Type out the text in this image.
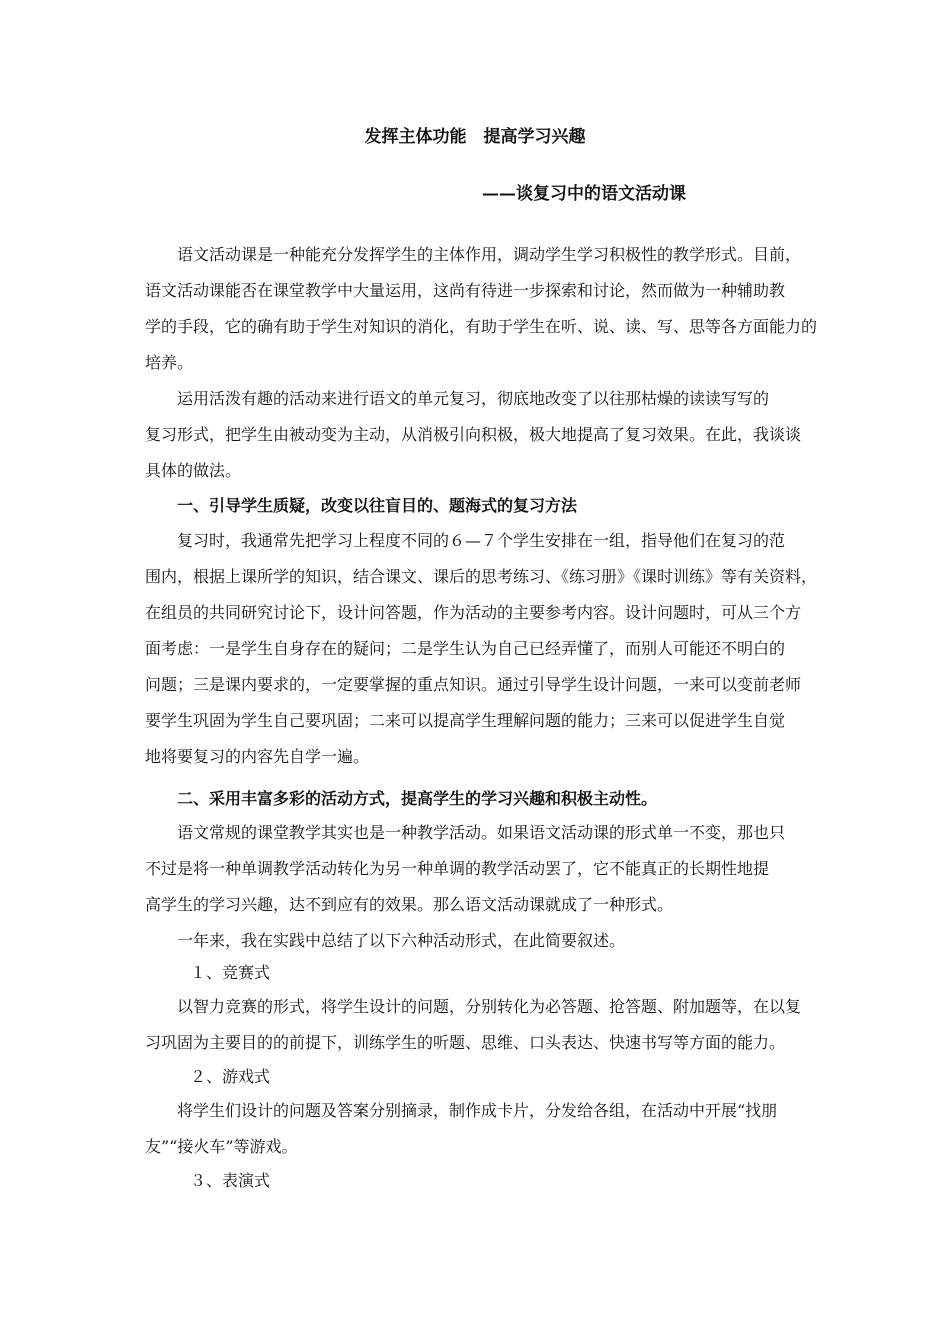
发挥主体功能　提高学习兴趣
——谈复习中的语文活动课
语文活动课是一种能充分发挥学生的主体作用，调动学生学习积极性的教学形式。目前，
语文活动课能否在课堂教学中大量运用，这尚有待进一步探索和讨论，然而做为一种辅助教
学的手段，它的确有助于学生对知识的消化，有助于学生在听、说、读、写、思等各方面能力的
培养。
运用活泼有趣的活动来进行语文的单元复习，彻底地改变了以往那枯燥的读读写写的
复习形式，把学生由被动变为主动，从消极引向积极，极大地提高了复习效果。在此，我谈谈
具体的做法。
一、引导学生质疑，改变以往盲目的、题海式的复习方法
复习时，我通常先把学习上程度不同的６—７个学生安排在一组，指导他们在复习的范
围内，根据上课所学的知识，结合课文、课后的思考练习、《练习册》《课时训练》等有关资料，
在组员的共同研究讨论下，设计问答题，作为活动的主要参考内容。设计问题时，可从三个方
面考虑：一是学生自身存在的疑问；二是学生认为自己已经弄懂了，而别人可能还不明白的
问题；三是课内要求的，一定要掌握的重点知识。通过引导学生设计问题，一来可以变前老师
要学生巩固为学生自己要巩固；二来可以提高学生理解问题的能力；三来可以促进学生自觉
地将要复习的内容先自学一遍。
二、采用丰富多彩的活动方式，提高学生的学习兴趣和积极主动性。
语文常规的课堂教学其实也是一种教学活动。如果语文活动课的形式单一不变，那也只
不过是将一种单调教学活动转化为另一种单调的教学活动罢了，它不能真正的长期性地提
高学生的学习兴趣，达不到应有的效果。那么语文活动课就成了一种形式。
一年来，我在实践中总结了以下六种活动形式，在此简要叙述。
１、竞赛式
以智力竞赛的形式，将学生设计的问题，分别转化为必答题、抢答题、附加题等，在以复
习巩固为主要目的的前提下，训练学生的听题、思维、口头表达、快速书写等方面的能力。
２、游戏式
将学生们设计的问题及答案分别摘录，制作成卡片，分发给各组，在活动中开展“找朋
友”“接火车”等游戏。
３、表演式
